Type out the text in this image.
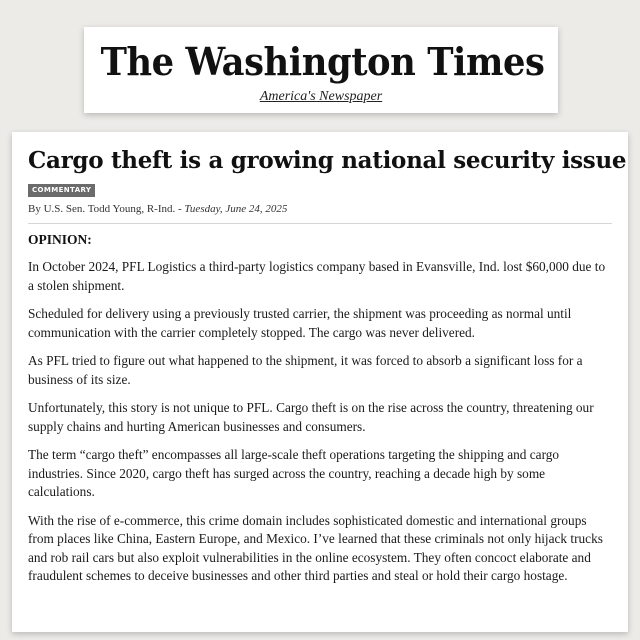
The Washington Times
America's Newspaper
Cargo theft is a growing national security issue
COMMENTARY
By U.S. Sen. Todd Young, R-Ind. - Tuesday, June 24, 2025

OPINION:

In October 2024, PFL Logistics a third-party logistics company based in Evansville, Ind. lost $60,000 due to a stolen shipment.

Scheduled for delivery using a previously trusted carrier, the shipment was proceeding as normal until communication with the carrier completely stopped. The cargo was never delivered.

As PFL tried to figure out what happened to the shipment, it was forced to absorb a significant loss for a business of its size.

Unfortunately, this story is not unique to PFL. Cargo theft is on the rise across the country, threatening our supply chains and hurting American businesses and consumers.

The term “cargo theft” encompasses all large-scale theft operations targeting the shipping and cargo industries. Since 2020, cargo theft has surged across the country, reaching a decade high by some calculations.

With the rise of e-commerce, this crime domain includes sophisticated domestic and international groups from places like China, Eastern Europe, and Mexico. I’ve learned that these criminals not only hijack trucks and rob rail cars but also exploit vulnerabilities in the online ecosystem. They often concoct elaborate and fraudulent schemes to deceive businesses and other third parties and steal or hold their cargo hostage.
